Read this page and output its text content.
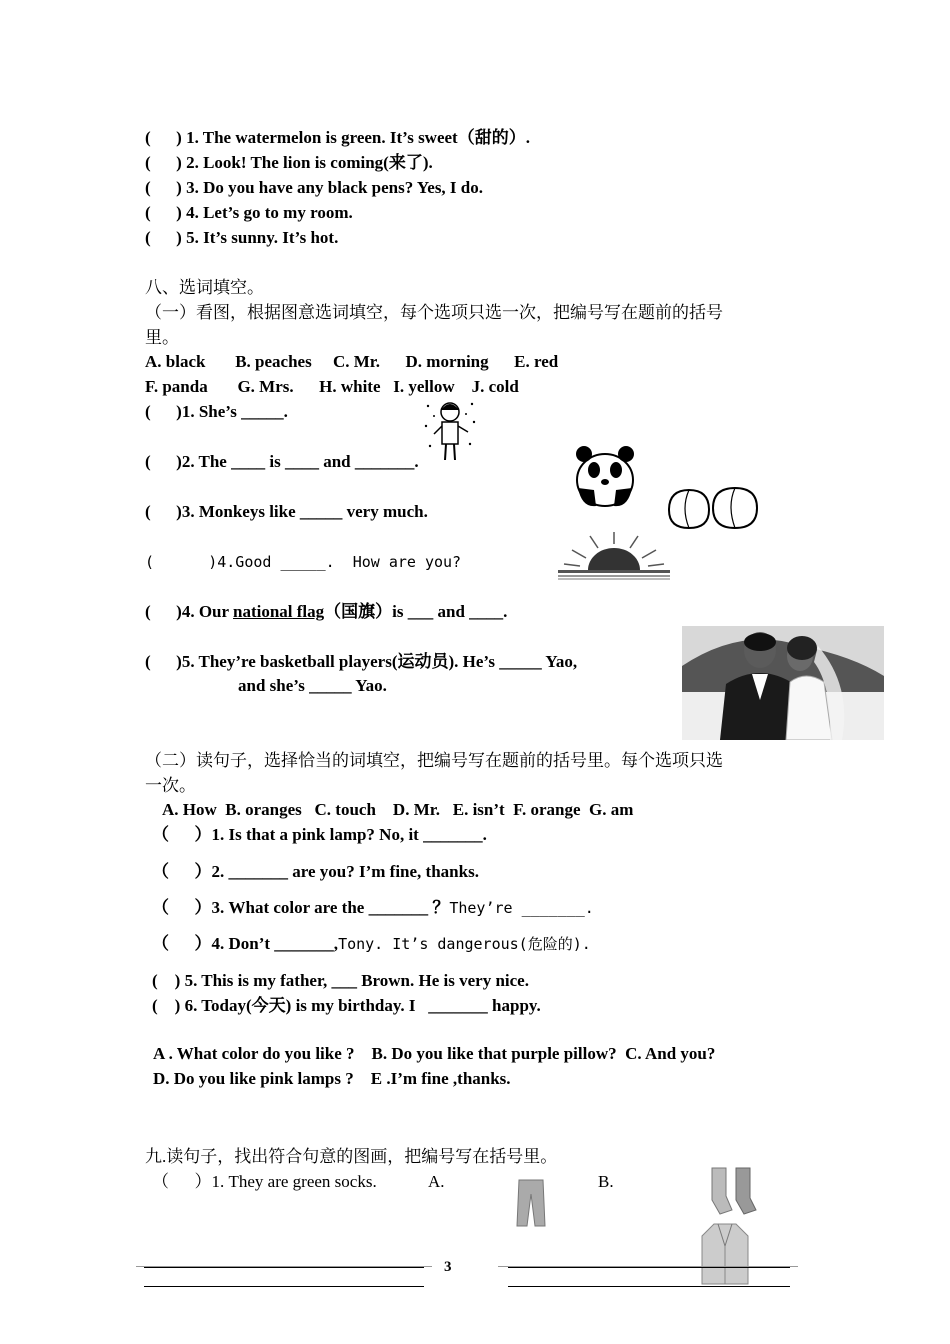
(      ) 1. The watermelon is green. It’s sweet（甜的）.
(      ) 2. Look! The lion is coming(来了).
(      ) 3. Do you have any black pens? Yes, I do.
(      ) 4. Let’s go to my room.
(      ) 5. It’s sunny. It’s hot.
八、选词填空。
（一）看图，根据图意选词填空，每个选项只选一次，把编号写在题前的括号
里。
A. black       B. peaches     C. Mr.      D. morning      E. red
F. panda       G. Mrs.      H. white   I. yellow    J. cold
(      )1. She’s _____.
(      )2. The ____ is ____ and _______.
(      )3. Monkeys like _____ very much.
(      )4.Good _____.  How are you?
(      )4. Our national flag（国旗）is ___ and ____.
(      )5. They’re basketball players(运动员). He’s _____ Yao,
and she’s _____ Yao.
（二）读句子，选择恰当的词填空，把编号写在题前的括号里。每个选项只选
一次。
A. How  B. oranges   C. touch    D. Mr.   E. isn’t  F. orange  G. am
（      ）1. Is that a pink lamp? No, it _______.
（      ）2. _______ are you? I’m fine, thanks.
（      ）3. What color are the _______ ？They’re _______.
（      ）4. Don’t _______,Tony. It’s dangerous(危险的).
(    ) 5. This is my father, ___ Brown. He is very nice.
(    ) 6. Today(今天) is my birthday. I   _______ happy.
A . What color do you like ?    B. Do you like that purple pillow?  C. And you?
D. Do you like pink lamps ?    E .I’m fine ,thanks.
九.读句子，找出符合句意的图画，把编号写在括号里。
（      ）1. They are green socks.	A.	B.
3
